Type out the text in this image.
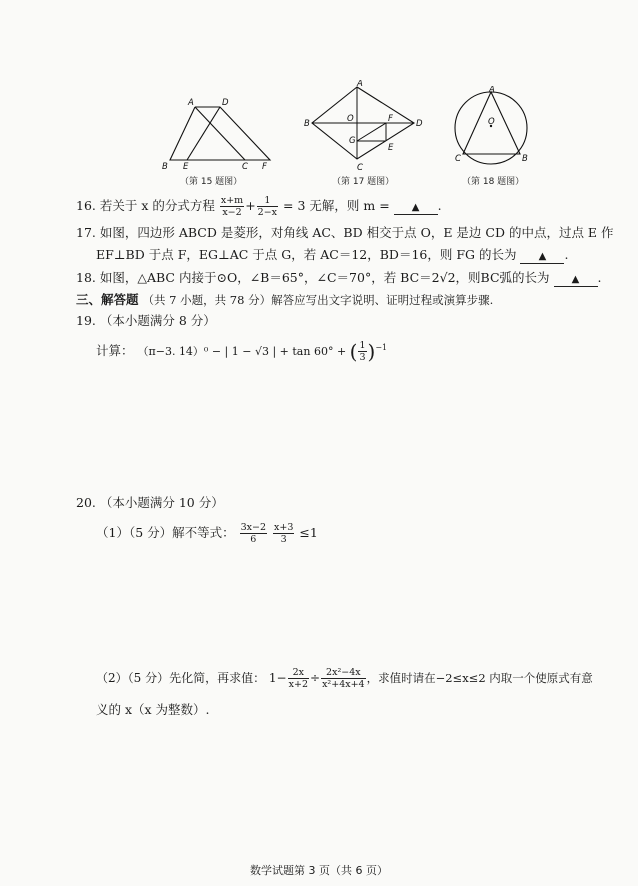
A	D
B E	C F
（第 15 题图）
A
B
C
D
O	F
G
E
（第 17 题图）
A
O
C	B
（第 18 题图）
16. 若关于 x 的分式方程 $\frac{x+m}{x-2} + \frac{1}{2-x} = 3$ 无解，则 m = ▲ .
17. 如图，四边形 ABCD 是菱形，对角线 AC、BD 相交于点 O，E 是边 CD 的中点，过点 E 作
EF⊥BD 于点 F，EG⊥AC 于点 G，若 AC＝12，BD＝16，则 FG 的长为 ▲ .
18. 如图，△ABC 内接于⊙O，∠B＝65°，∠C＝70°，若 BC＝2√2，则BC弧的长为 ▲ .
三、解答题 （共 7 小题，共 78 分）解答应写出文字说明、证明过程或演算步骤.
19. （本小题满分 8 分）
计算： （π−3. 14）⁰ − | 1 − √3 | + tan 60° + ( $\frac{1}{3} )^{-1}$
20. （本小题满分 10 分）
（1）（5 分）解不等式： $\frac{3x-2}{6}$
$\frac{x+3}{3} \le 1$
（2）（5 分）先化简，再求值： $1- \frac{2x}{x+2} \div \frac{\text{2x²−4x}}{\text{x²+4x+4}}$ ，求值时请在−2≤x≤2 内取一个使原式有意
义的 x（x 为整数）.
数学试题第 3 页（共 6 页）
